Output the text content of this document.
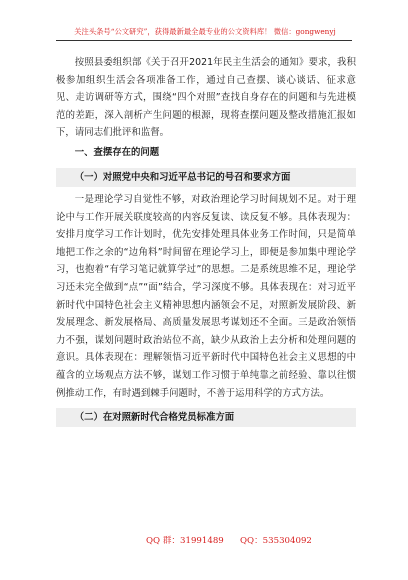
关注头条号“公文研究”，获得最新最全最专业的公文资料库！ 微信：gongwenyj

按照县委组织部《关于召开2021年民主生活会的通知》要求，我积极参加组织生活会各项准备工作，通过自己查摆、谈心谈话、征求意见、走访调研等方式，围绕“四个对照”查找自身存在的问题和与先进模范的差距，深入剖析产生问题的根源，现将查摆问题及整改措施汇报如下，请同志们批评和监督。

一、查摆存在的问题

（一）对照党中央和习近平总书记的号召和要求方面

一是理论学习自觉性不够，对政治理论学习时间规划不足。对于理论中与工作开展关联度较高的内容反复读、读反复不够。具体表现为：安排月度学习工作计划时，优先安排处理具体业务工作时间，只是简单地把工作之余的“边角料”时间留在理论学习上，即便是参加集中理论学习，也抱着“有学习笔记就算学过”的思想。二是系统思维不足，理论学习还未完全做到“点”“面”结合，学习深度不够。具体表现在：对习近平新时代中国特色社会主义精神思想内涵领会不足，对照新发展阶段、新发展理念、新发展格局、高质量发展思考谋划还不全面。三是政治领悟力不强，谋划问题时政治站位不高，缺少从政治上去分析和处理问题的意识。具体表现在：理解领悟习近平新时代中国特色社会主义思想的中蕴含的立场观点方法不够，谋划工作习惯于单纯靠之前经验、靠以往惯例推动工作，有时遇到棘手问题时，不善于运用科学的方式方法。

（二）在对照新时代合格党员标准方面

QQ 群：31991489 QQ：535304092
